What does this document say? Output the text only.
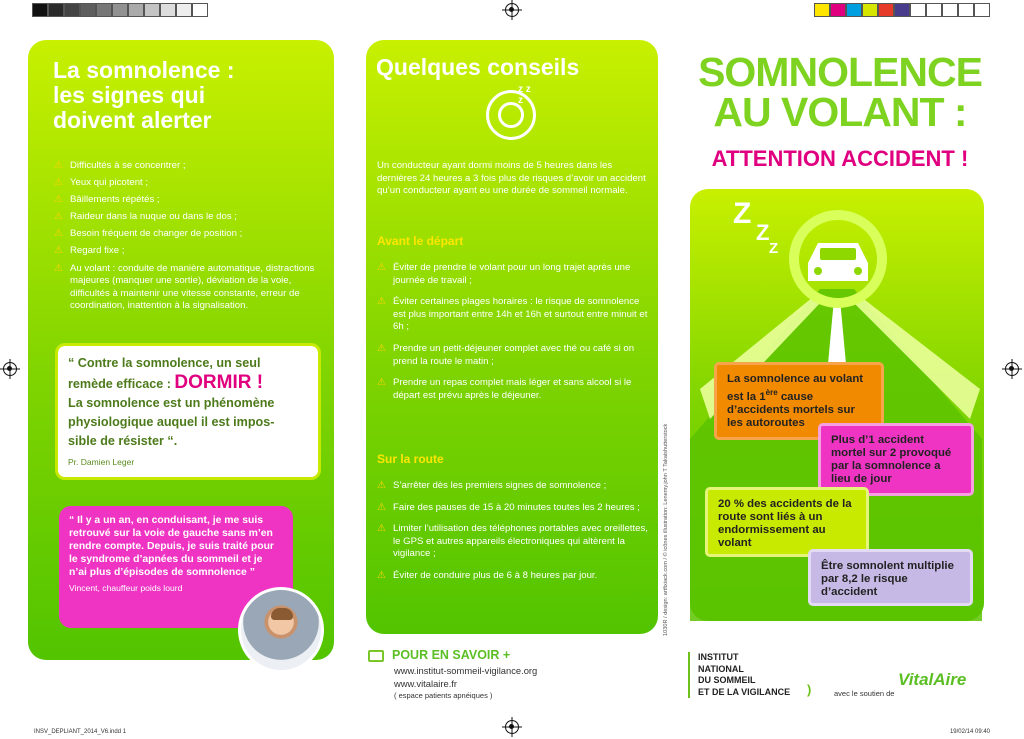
INSV_DEPLIANT_2014_V6.indd 1	19/02/14 09:40
La somnolence :
les signes qui
doivent alerter
⚠ Difficultés à se concentrer ;
⚠ Yeux qui picotent ;
⚠ Bâillements répétés ;
⚠ Raideur dans la nuque ou dans le dos ;
⚠ Besoin fréquent de changer de position ;
⚠ Regard fixe ;
⚠ Au volant : conduite de manière automatique, distractions majeures (manquer une sortie), déviation de la voie, difficultés à maintenir une vitesse constante, erreur de coordination, inattention à la signalisation.
“ Contre la somnolence, un seul
remède efficace : DORMIR !
La somnolence est un phénomène
physiologique auquel il est impos-
sible de résister “.
Pr. Damien Leger
“ Il y a un an, en conduisant, je me suis retrouvé sur la voie de gauche sans m’en rendre compte. Depuis, je suis traité pour le syndrome d’apnées du sommeil et je n’ai plus d’épisodes de somnolence ”
Vincent, chauffeur poids lourd
Quelques conseils
z z z
Un conducteur ayant dormi moins de 5 heures dans les dernières 24 heures a 3 fois plus de risques d’avoir un accident qu’un conducteur ayant eu une durée de sommeil normale.
Avant le départ
⚠ Éviter de prendre le volant pour un long trajet après une journée de travail ;
⚠ Éviter certaines plages horaires : le risque de somnolence est plus important entre 14h et 16h et surtout entre minuit et 6h ;
⚠ Prendre un petit-déjeuner complet avec thé ou café si on prend la route le matin ;
⚠ Prendre un repas complet mais léger et sans alcool si le départ est prévu après le déjeuner.
Sur la route
⚠ S’arrêter dès les premiers signes de somnolence ;
⚠ Faire des pauses de 15 à 20 minutes toutes les 2 heures ;
⚠ Limiter l’utilisation des téléphones portables avec oreillettes, le GPS et autres appareils électroniques qui altèrent la vigilance ;
⚠ Éviter de conduire plus de 6 à 8 heures par jour.	1030R / design: artfixiack.com / © icônes illustration: Lenemy.john T Takaishutterstock
POUR EN SAVOIR +
www.institut-sommeil-vigilance.org
www.vitalaire.fr
( espace patients apnéiques )
SOMNOLENCE
AU VOLANT :
ATTENTION ACCIDENT !
Z
Z
Z
La somnolence au volant est la 1ère cause d’accidents mortels sur les autoroutes
Plus d’1 accident mortel sur 2 provoqué par la somnolence a lieu de jour
20 % des accidents de la route sont liés à un endormissement au volant
Être somnolent multiplie par 8,2 le risque d’accident
INSTITUT
NATIONAL
DU SOMMEIL
ET DE LA VIGILANCE )	avec le soutien de
VitalAire
